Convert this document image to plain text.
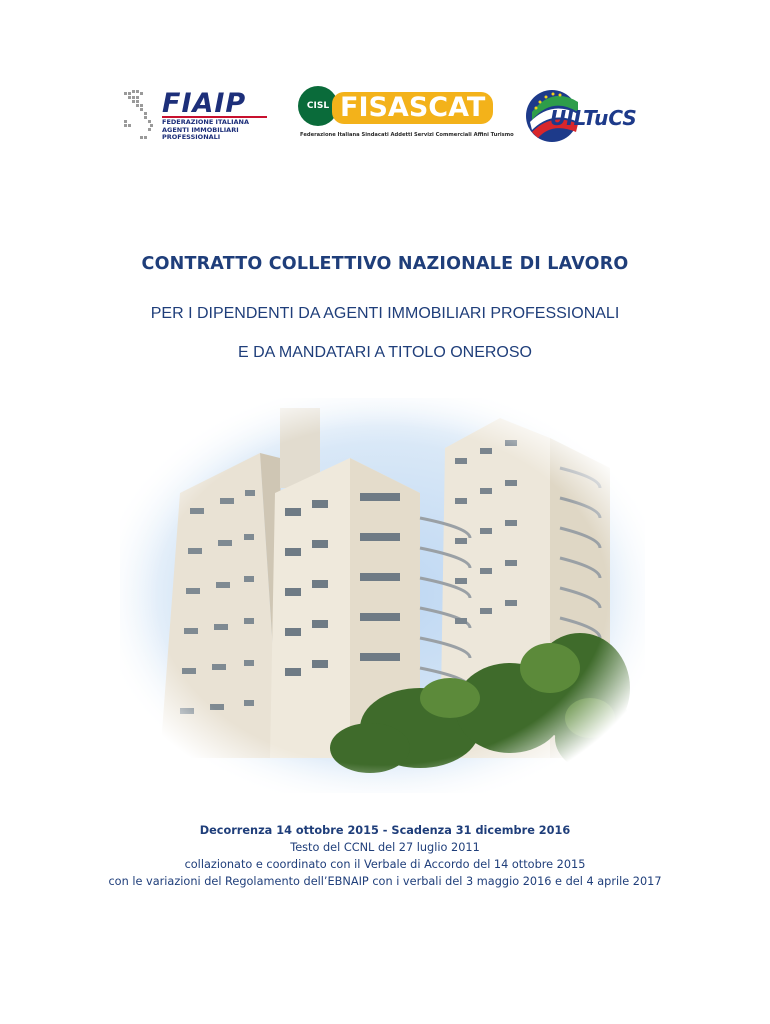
FIAIP
FEDERAZIONE ITALIANA
AGENTI IMMOBILIARI
PROFESSIONALI
CISL FISASCAT
Federazione Italiana Sindacati Addetti Servizi Commerciali Affini Turismo
UILTuCS
CONTRATTO COLLETTIVO NAZIONALE DI LAVORO

PER I DIPENDENTI DA AGENTI IMMOBILIARI PROFESSIONALI

E DA MANDATARI A TITOLO ONEROSO

Decorrenza 14 ottobre 2015 - Scadenza 31 dicembre 2016
Testo del CCNL del 27 luglio 2011
collazionato e coordinato con il Verbale di Accordo del 14 ottobre 2015
con le variazioni del Regolamento dell’EBNAIP con i verbali del 3 maggio 2016 e del 4 aprile 2017
